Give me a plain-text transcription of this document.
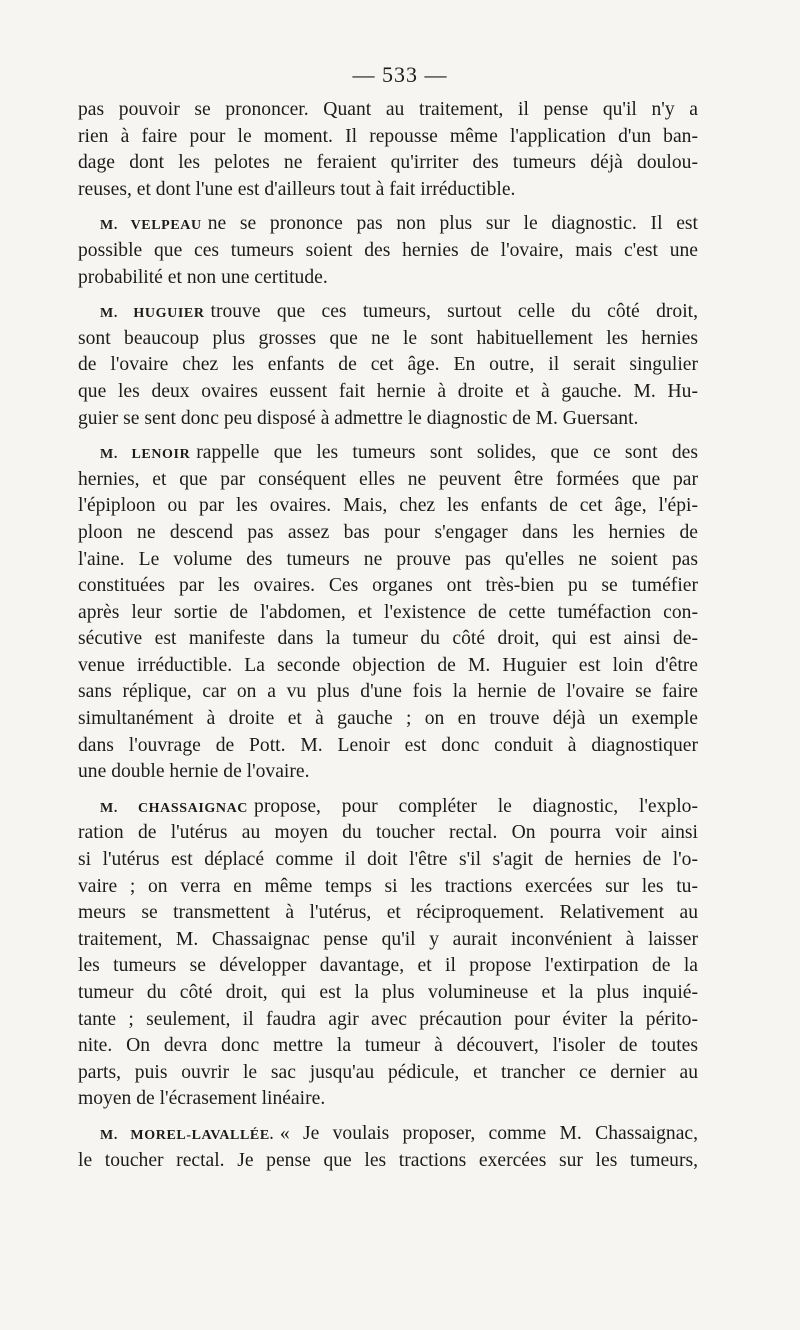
— 533 —
pas pouvoir se prononcer. Quant au traitement, il pense qu'il n'y a
rien à faire pour le moment. Il repousse même l'application d'un ban-
dage dont les pelotes ne feraient qu'irriter des tumeurs déjà doulou-
reuses, et dont l'une est d'ailleurs tout à fait irréductible.
M. VELPEAU ne se prononce pas non plus sur le diagnostic. Il est
possible que ces tumeurs soient des hernies de l'ovaire, mais c'est une
probabilité et non une certitude.
M. HUGUIER trouve que ces tumeurs, surtout celle du côté droit,
sont beaucoup plus grosses que ne le sont habituellement les hernies
de l'ovaire chez les enfants de cet âge. En outre, il serait singulier
que les deux ovaires eussent fait hernie à droite et à gauche. M. Hu-
guier se sent donc peu disposé à admettre le diagnostic de M. Guersant.
M. LENOIR rappelle que les tumeurs sont solides, que ce sont des
hernies, et que par conséquent elles ne peuvent être formées que par
l'épiploon ou par les ovaires. Mais, chez les enfants de cet âge, l'épi-
ploon ne descend pas assez bas pour s'engager dans les hernies de
l'aine. Le volume des tumeurs ne prouve pas qu'elles ne soient pas
constituées par les ovaires. Ces organes ont très-bien pu se tuméfier
après leur sortie de l'abdomen, et l'existence de cette tuméfaction con-
sécutive est manifeste dans la tumeur du côté droit, qui est ainsi de-
venue irréductible. La seconde objection de M. Huguier est loin d'être
sans réplique, car on a vu plus d'une fois la hernie de l'ovaire se faire
simultanément à droite et à gauche ; on en trouve déjà un exemple
dans l'ouvrage de Pott. M. Lenoir est donc conduit à diagnostiquer
une double hernie de l'ovaire.
M. CHASSAIGNAC propose, pour compléter le diagnostic, l'explo-
ration de l'utérus au moyen du toucher rectal. On pourra voir ainsi
si l'utérus est déplacé comme il doit l'être s'il s'agit de hernies de l'o-
vaire ; on verra en même temps si les tractions exercées sur les tu-
meurs se transmettent à l'utérus, et réciproquement. Relativement au
traitement, M. Chassaignac pense qu'il y aurait inconvénient à laisser
les tumeurs se développer davantage, et il propose l'extirpation de la
tumeur du côté droit, qui est la plus volumineuse et la plus inquié-
tante ; seulement, il faudra agir avec précaution pour éviter la périto-
nite. On devra donc mettre la tumeur à découvert, l'isoler de toutes
parts, puis ouvrir le sac jusqu'au pédicule, et trancher ce dernier au
moyen de l'écrasement linéaire.
M. MOREL-LAVALLÉE. « Je voulais proposer, comme M. Chassaignac,
le toucher rectal. Je pense que les tractions exercées sur les tumeurs,
